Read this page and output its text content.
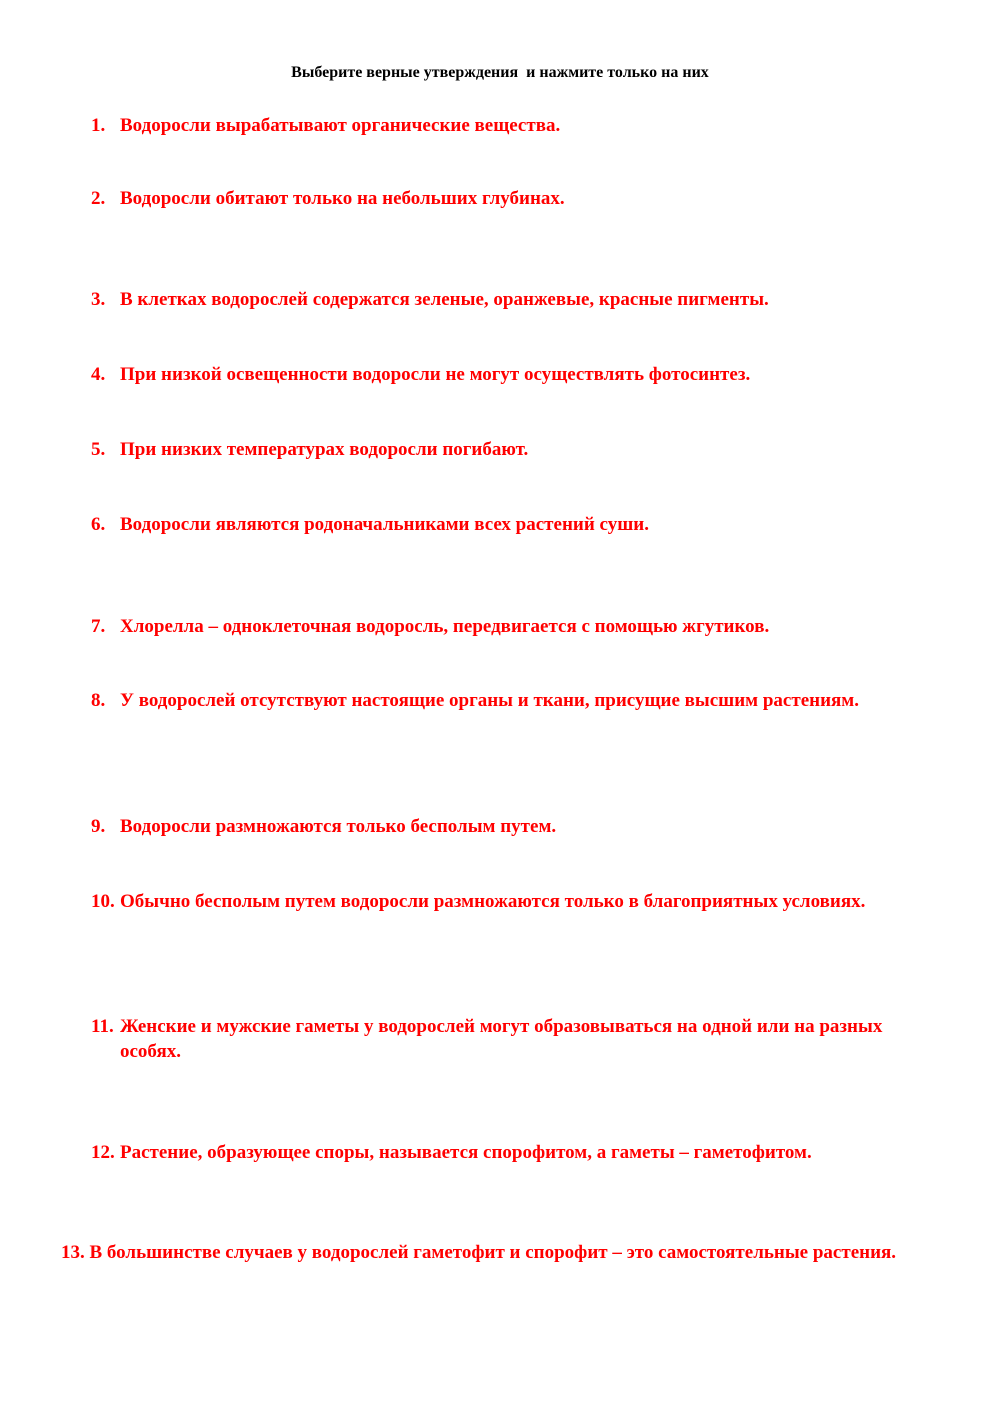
Выберите верные утверждения  и нажмите только на них
1. Водоросли вырабатывают органические вещества.
2. Водоросли обитают только на небольших глубинах.
3. В клетках водорослей содержатся зеленые, оранжевые, красные пигменты.
4. При низкой освещенности водоросли не могут осуществлять фотосинтез.
5. При низких температурах водоросли погибают.
6. Водоросли являются родоначальниками всех растений суши.
7. Хлорелла – одноклеточная водоросль, передвигается с помощью жгутиков.
8. У водорослей отсутствуют настоящие органы и ткани, присущие высшим растениям.
9. Водоросли размножаются только бесполым путем.
10. Обычно бесполым путем водоросли размножаются только в благоприятных условиях.
11. Женские и мужские гаметы у водорослей могут образовываться на одной или на разных особях.
12. Растение, образующее споры, называется спорофитом, а гаметы – гаметофитом.
13. В большинстве случаев у водорослей гаметофит и спорофит – это самостоятельные растения.
